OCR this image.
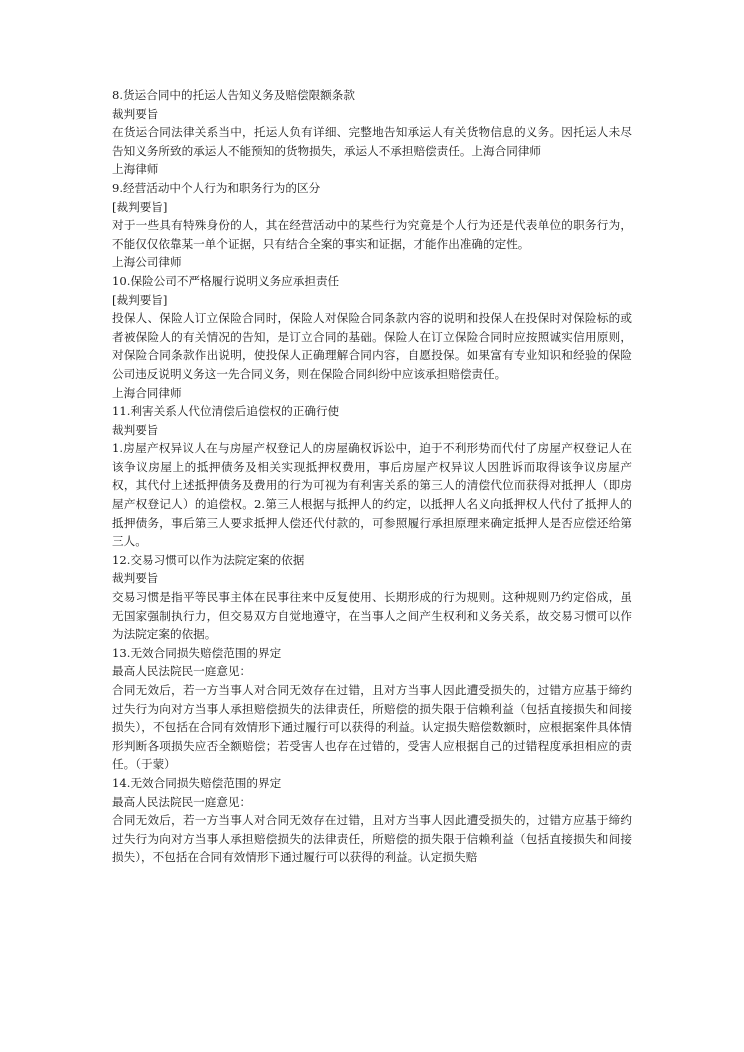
8.货运合同中的托运人告知义务及赔偿限额条款

裁判要旨

在货运合同法律关系当中，托运人负有详细、完整地告知承运人有关货物信息的义务。因托运人未尽告知义务所致的承运人不能预知的货物损失，承运人不承担赔偿责任。上海合同律师

上海律师

9.经营活动中个人行为和职务行为的区分

[裁判要旨]

对于一些具有特殊身份的人，其在经营活动中的某些行为究竟是个人行为还是代表单位的职务行为，不能仅仅依靠某一单个证据，只有结合全案的事实和证据，才能作出准确的定性。

上海公司律师

10.保险公司不严格履行说明义务应承担责任

[裁判要旨]

投保人、保险人订立保险合同时，保险人对保险合同条款内容的说明和投保人在投保时对保险标的或者被保险人的有关情况的告知，是订立合同的基础。保险人在订立保险合同时应按照诚实信用原则，对保险合同条款作出说明，使投保人正确理解合同内容，自愿投保。如果富有专业知识和经验的保险公司违反说明义务这一先合同义务，则在保险合同纠纷中应该承担赔偿责任。

上海合同律师

11.利害关系人代位清偿后追偿权的正确行使

裁判要旨

1.房屋产权异议人在与房屋产权登记人的房屋确权诉讼中，迫于不利形势而代付了房屋产权登记人在该争议房屋上的抵押债务及相关实现抵押权费用，事后房屋产权异议人因胜诉而取得该争议房屋产权，其代付上述抵押债务及费用的行为可视为有利害关系的第三人的清偿代位而获得对抵押人（即房屋产权登记人）的追偿权。2.第三人根据与抵押人的约定，以抵押人名义向抵押权人代付了抵押人的抵押债务，事后第三人要求抵押人偿还代付款的，可参照履行承担原理来确定抵押人是否应偿还给第三人。

12.交易习惯可以作为法院定案的依据

裁判要旨

交易习惯是指平等民事主体在民事往来中反复使用、长期形成的行为规则。这种规则乃约定俗成，虽无国家强制执行力，但交易双方自觉地遵守，在当事人之间产生权利和义务关系，故交易习惯可以作为法院定案的依据。

13.无效合同损失赔偿范围的界定

最高人民法院民一庭意见：

合同无效后，若一方当事人对合同无效存在过错，且对方当事人因此遭受损失的，过错方应基于缔约过失行为向对方当事人承担赔偿损失的法律责任，所赔偿的损失限于信赖利益（包括直接损失和间接损失），不包括在合同有效情形下通过履行可以获得的利益。认定损失赔偿数额时，应根据案件具体情形判断各项损失应否全额赔偿；若受害人也存在过错的，受害人应根据自己的过错程度承担相应的责任。（于蒙）

14.无效合同损失赔偿范围的界定

最高人民法院民一庭意见：

合同无效后，若一方当事人对合同无效存在过错，且对方当事人因此遭受损失的，过错方应基于缔约过失行为向对方当事人承担赔偿损失的法律责任，所赔偿的损失限于信赖利益（包括直接损失和间接损失），不包括在合同有效情形下通过履行可以获得的利益。认定损失赔
